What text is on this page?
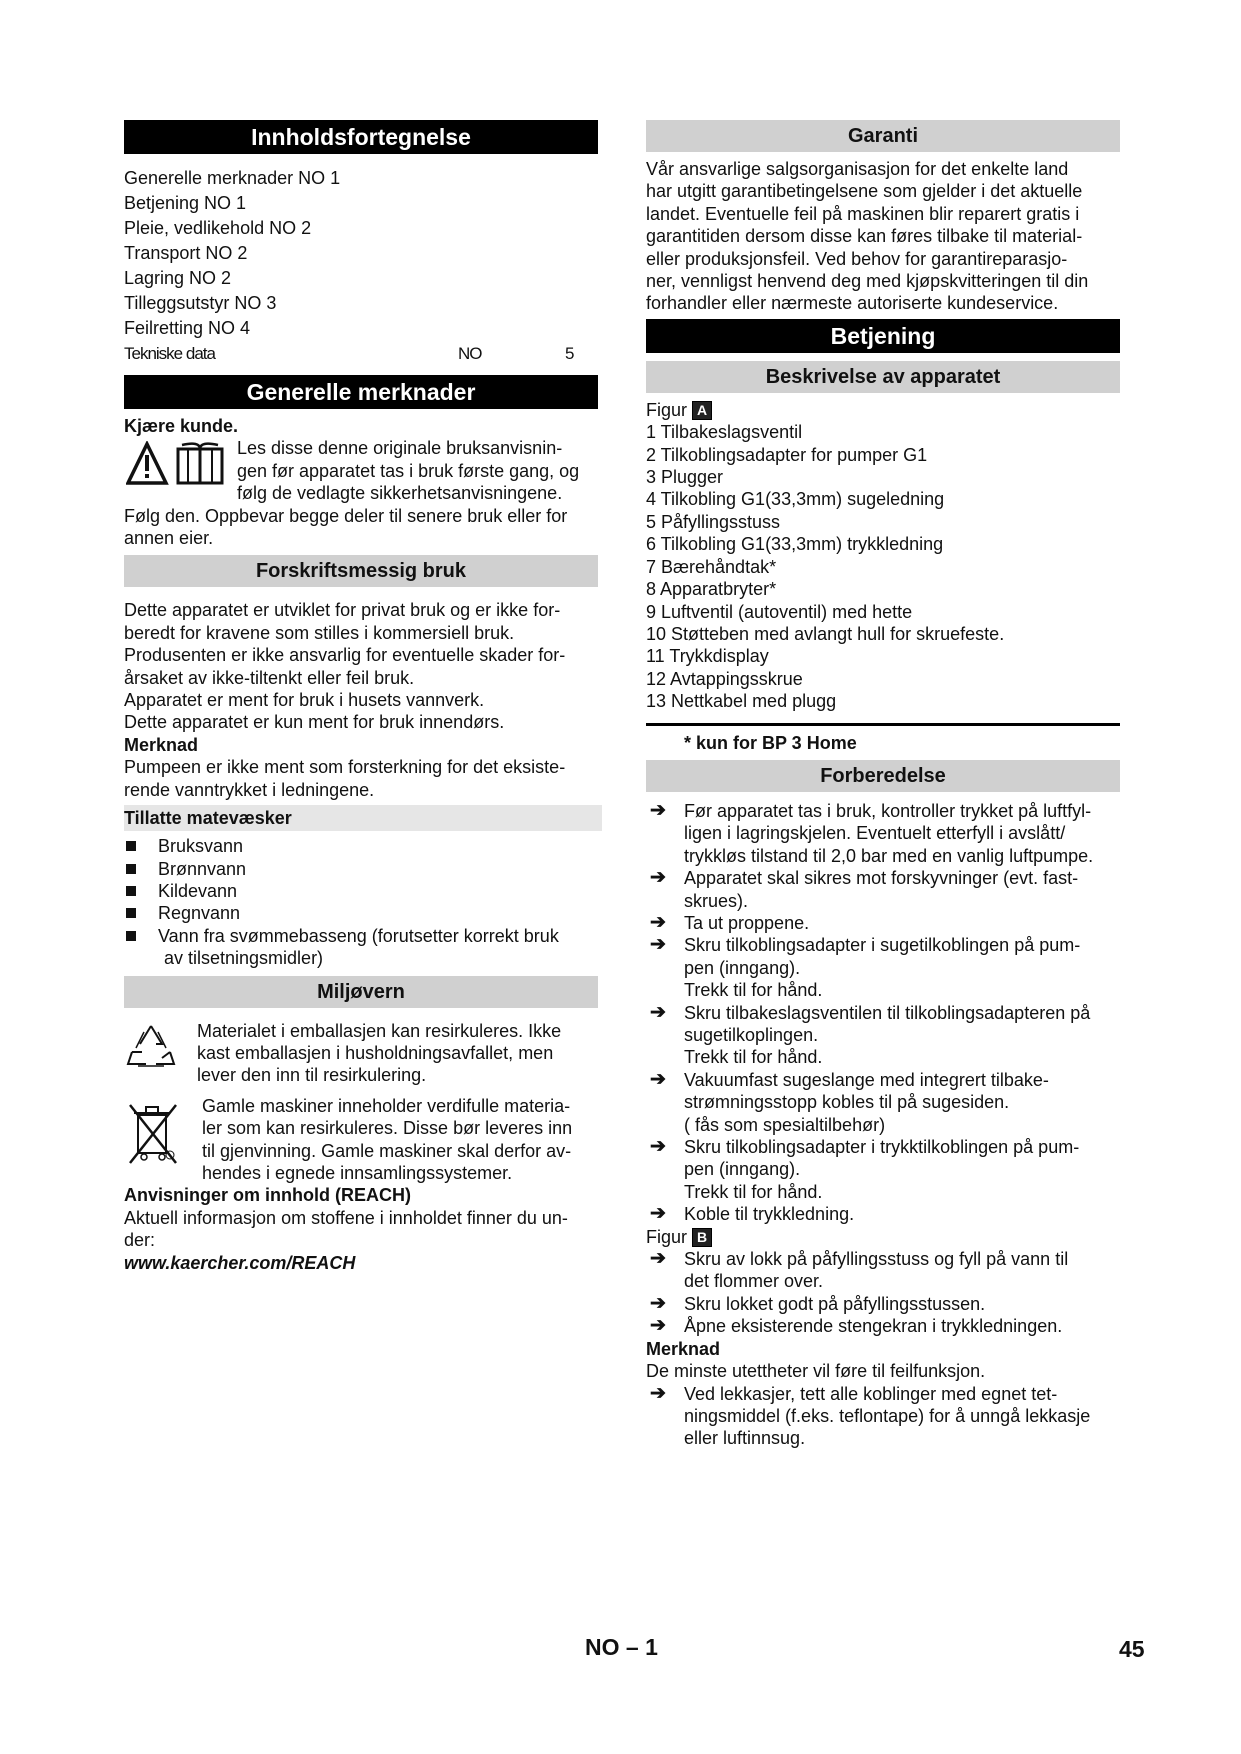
Innholdsfortegnelse
Generelle merknader NO 1
Betjening NO 1
Pleie, vedlikehold NO 2
Transport NO 2
Lagring NO 2
Tilleggsutstyr NO 3
Feilretting NO 4
Tekniske data	NO	5
Generelle merknader

Kjære kunde.

Les disse denne originale bruksanvisnin-

gen før apparatet tas i bruk første gang, og

følg de vedlagte sikkerhetsanvisningene.

Følg den. Oppbevar begge deler til senere bruk eller for

annen eier.

Forskriftsmessig bruk

Dette apparatet er utviklet for privat bruk og er ikke for-

beredt for kravene som stilles i kommersiell bruk.

Produsenten er ikke ansvarlig for eventuelle skader for-

årsaket av ikke-tiltenkt eller feil bruk.

Apparatet er ment for bruk i husets vannverk.

Dette apparatet er kun ment for bruk innendørs.

Merknad

Pumpeen er ikke ment som forsterkning for det eksiste-

rende vanntrykket i ledningene.

Tillatte matevæsker
Bruksvann
Brønnvann
Kildevann
Regnvann
Vann fra svømmebasseng (forutsetter korrekt bruk
av tilsetningsmidler)
Miljøvern

Materialet i emballasjen kan resirkuleres. Ikke

kast emballasjen i husholdningsavfallet, men

lever den inn til resirkulering.

Gamle maskiner inneholder verdifulle materia-

ler som kan resirkuleres. Disse bør leveres inn

til gjenvinning. Gamle maskiner skal derfor av-

hendes i egnede innsamlingssystemer.

Anvisninger om innhold (REACH)

Aktuell informasjon om stoffene i innholdet finner du un-

der:

www.kaercher.com/REACH

Garanti

Vår ansvarlige salgsorganisasjon for det enkelte land

har utgitt garantibetingelsene som gjelder i det aktuelle

landet. Eventuelle feil på maskinen blir reparert gratis i

garantitiden dersom disse kan føres tilbake til material-

eller produksjonsfeil. Ved behov for garantireparasjo-

ner, vennligst henvend deg med kjøpskvitteringen til din

forhandler eller nærmeste autoriserte kundeservice.

Betjening
Beskrivelse av apparatet

Figur A

1 Tilbakeslagsventil

2 Tilkoblingsadapter for pumper G1

3 Plugger

4 Tilkobling G1(33,3mm) sugeledning

5 Påfyllingsstuss

6 Tilkobling G1(33,3mm) trykkledning

7 Bærehåndtak*

8 Apparatbryter*

9 Luftventil (autoventil) med hette

10 Støtteben med avlangt hull for skruefeste.

11 Trykkdisplay

12 Avtappingsskrue

13 Nettkabel med plugg

* kun for BP 3 Home

Forberedelse
➔ Før apparatet tas i bruk, kontroller trykket på luftfyl-
ligen i lagringskjelen. Eventuelt etterfyll i avslått/
trykkløs tilstand til 2,0 bar med en vanlig luftpumpe.
➔ Apparatet skal sikres mot forskyvninger (evt. fast-
skrues).
➔ Ta ut proppene.
➔ Skru tilkoblingsadapter i sugetilkoblingen på pum-
pen (inngang).
Trekk til for hånd.
➔ Skru tilbakeslagsventilen til tilkoblingsadapteren på
sugetilkoplingen.
Trekk til for hånd.
➔ Vakuumfast sugeslange med integrert tilbake-
strømningsstopp kobles til på sugesiden.
( fås som spesialtilbehør)
➔ Skru tilkoblingsadapter i trykktilkoblingen på pum-
pen (inngang).
Trekk til for hånd.
➔ Koble til trykkledning.

Figur B

➔ Skru av lokk på påfyllingsstuss og fyll på vann til
det flommer over.
➔ Skru lokket godt på påfyllingsstussen.
➔ Åpne eksisterende stengekran i trykkledningen.

Merknad

De minste utettheter vil føre til feilfunksjon.

➔ Ved lekkasjer, tett alle koblinger med egnet tet-
ningsmiddel (f.eks. teflontape) for å unngå lekkasje
eller luftinnsug.
NO – 1	45
